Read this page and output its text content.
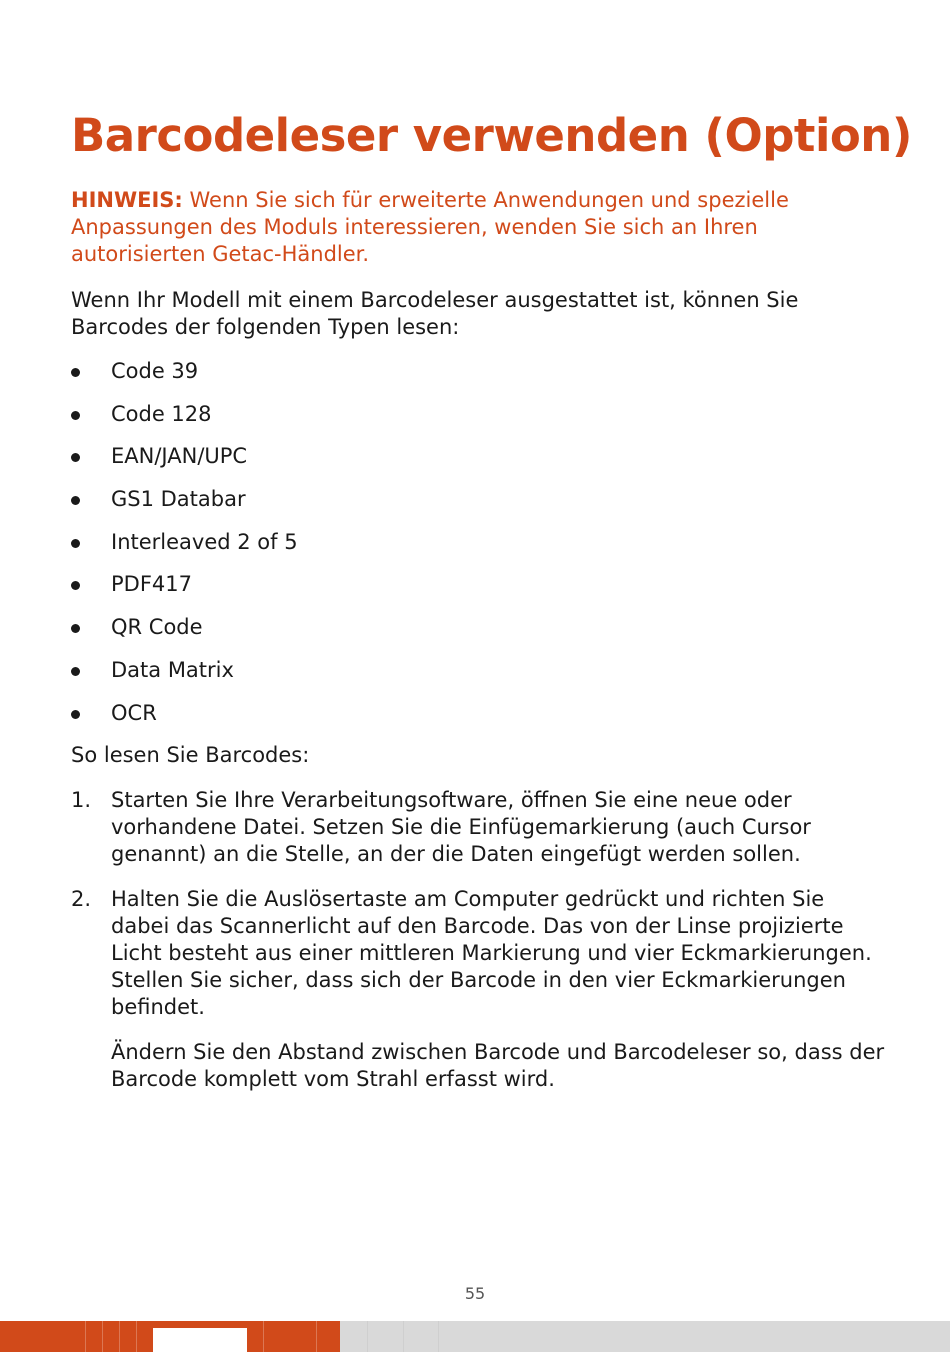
Barcodeleser verwenden (Option)
HINWEIS: Wenn Sie sich für erweiterte Anwendungen und spezielle Anpassungen des Moduls interessieren, wenden Sie sich an Ihren autorisierten Getac-Händler.

Wenn Ihr Modell mit einem Barcodeleser ausgestattet ist, können Sie Barcodes der folgenden Typen lesen:

Code 39
Code 128
EAN/JAN/UPC
GS1 Databar
Interleaved 2 of 5
PDF417
QR Code
Data Matrix
OCR

So lesen Sie Barcodes:

1. Starten Sie Ihre Verarbeitungsoftware, öffnen Sie eine neue oder vorhandene Datei. Setzen Sie die Einfügemarkierung (auch Cursor genannt) an die Stelle, an der die Daten eingefügt werden sollen.
2. Halten Sie die Auslösertaste am Computer gedrückt und richten Sie dabei das Scannerlicht auf den Barcode. Das von der Linse projizierte Licht besteht aus einer mittleren Markierung und vier Eckmarkierungen. Stellen Sie sicher, dass sich der Barcode in den vier Eckmarkierungen befindet.

Ändern Sie den Abstand zwischen Barcode und Barcodeleser so, dass der Barcode komplett vom Strahl erfasst wird.

55
